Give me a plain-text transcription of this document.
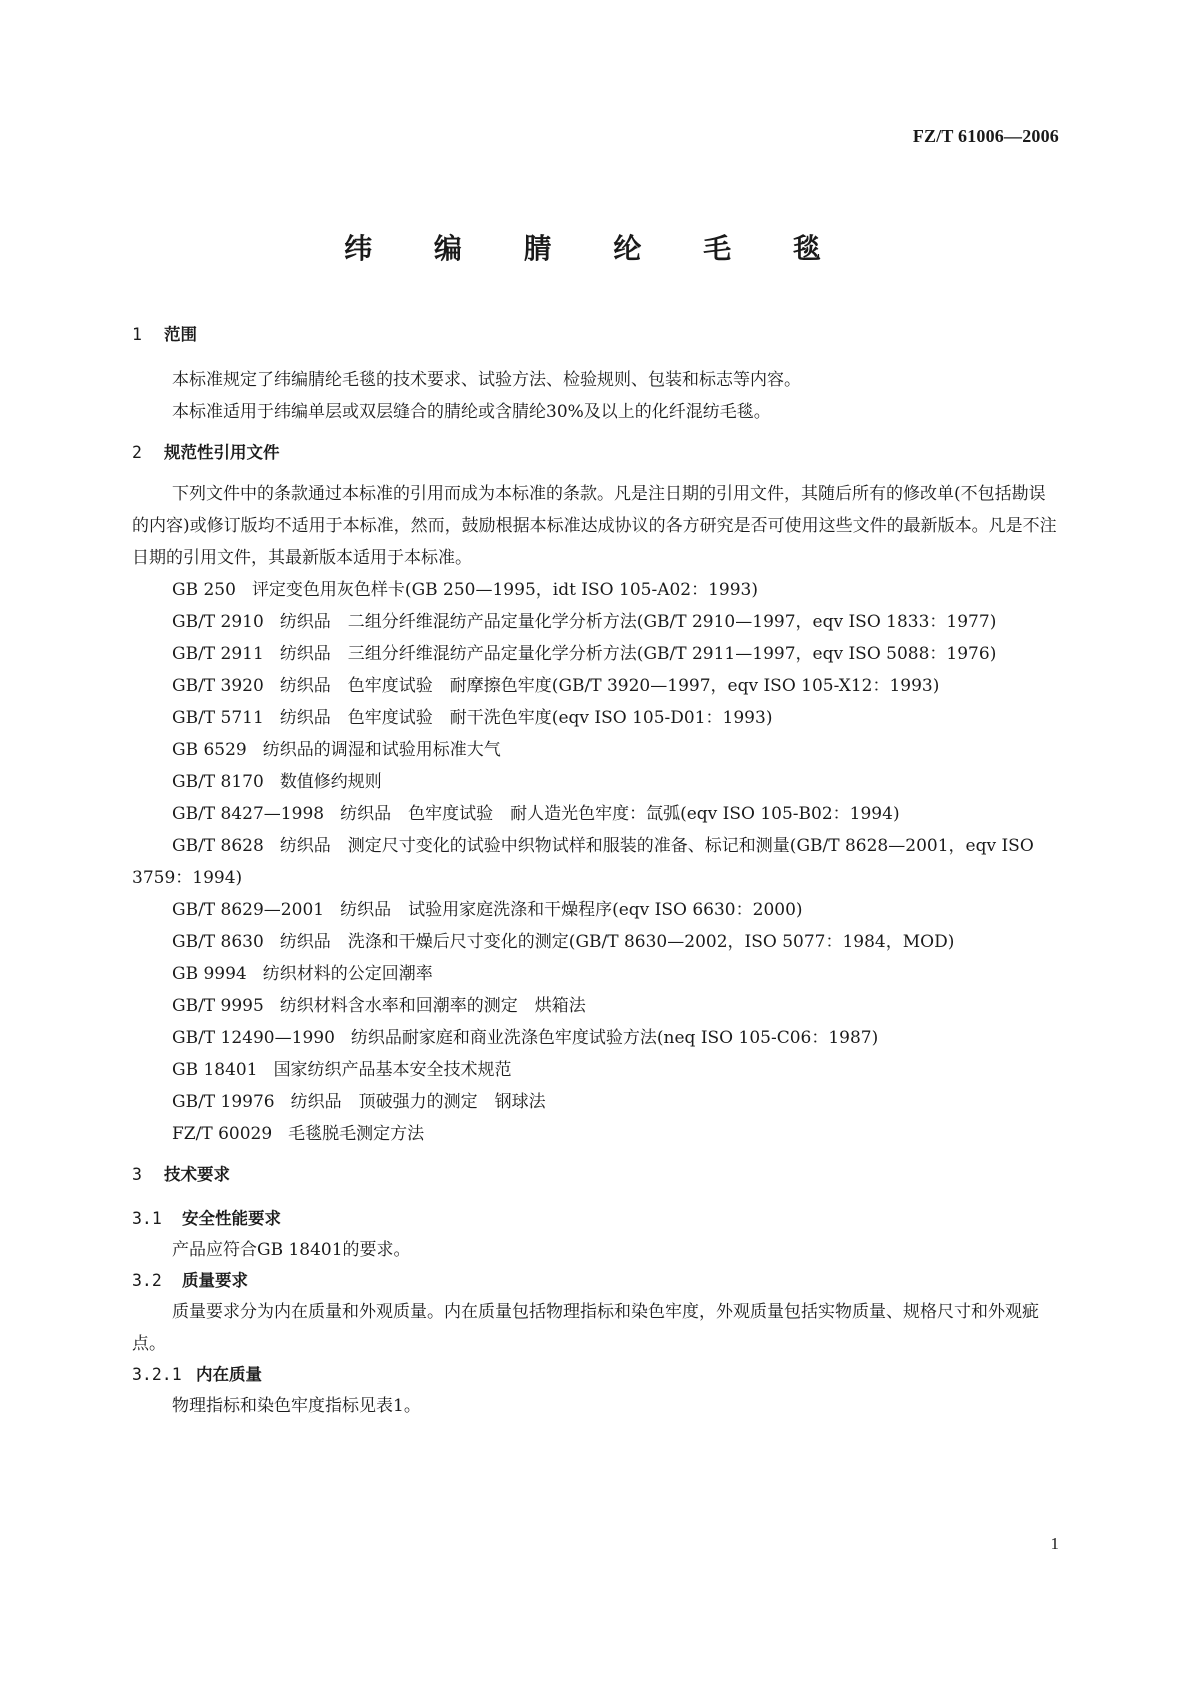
FZ/T 61006—2006
纬 编 腈 纶 毛 毯
1 范围

本标准规定了纬编腈纶毛毯的技术要求、试验方法、检验规则、包装和标志等内容。

本标准适用于纬编单层或双层缝合的腈纶或含腈纶30%及以上的化纤混纺毛毯。

2 规范性引用文件

下列文件中的条款通过本标准的引用而成为本标准的条款。凡是注日期的引用文件，其随后所有的修改单(不包括勘误的内容)或修订版均不适用于本标准，然而，鼓励根据本标准达成协议的各方研究是否可使用这些文件的最新版本。凡是不注日期的引用文件，其最新版本适用于本标准。

GB 250 评定变色用灰色样卡(GB 250—1995，idt ISO 105-A02：1993)
GB/T 2910 纺织品　二组分纤维混纺产品定量化学分析方法(GB/T 2910—1997，eqv ISO 1833：1977)
GB/T 2911 纺织品　三组分纤维混纺产品定量化学分析方法(GB/T 2911—1997，eqv ISO 5088：1976)
GB/T 3920 纺织品　色牢度试验　耐摩擦色牢度(GB/T 3920—1997，eqv ISO 105-X12：1993)
GB/T 5711 纺织品　色牢度试验　耐干洗色牢度(eqv ISO 105-D01：1993)
GB 6529 纺织品的调湿和试验用标准大气
GB/T 8170 数值修约规则
GB/T 8427—1998 纺织品　色牢度试验　耐人造光色牢度：氙弧(eqv ISO 105-B02：1994)
GB/T 8628 纺织品　测定尺寸变化的试验中织物试样和服装的准备、标记和测量(GB/T 8628—2001，eqv ISO 3759：1994)
GB/T 8629—2001 纺织品　试验用家庭洗涤和干燥程序(eqv ISO 6630：2000)
GB/T 8630 纺织品　洗涤和干燥后尺寸变化的测定(GB/T 8630—2002，ISO 5077：1984，MOD)
GB 9994 纺织材料的公定回潮率
GB/T 9995 纺织材料含水率和回潮率的测定　烘箱法
GB/T 12490—1990 纺织品耐家庭和商业洗涤色牢度试验方法(neq ISO 105-C06：1987)
GB 18401 国家纺织产品基本安全技术规范
GB/T 19976 纺织品　顶破强力的测定　钢球法
FZ/T 60029 毛毯脱毛测定方法
3 技术要求
3.1 安全性能要求

产品应符合GB 18401的要求。

3.2 质量要求

质量要求分为内在质量和外观质量。内在质量包括物理指标和染色牢度，外观质量包括实物质量、规格尺寸和外观疵点。

3.2.1 内在质量

物理指标和染色牢度指标见表1。

1
